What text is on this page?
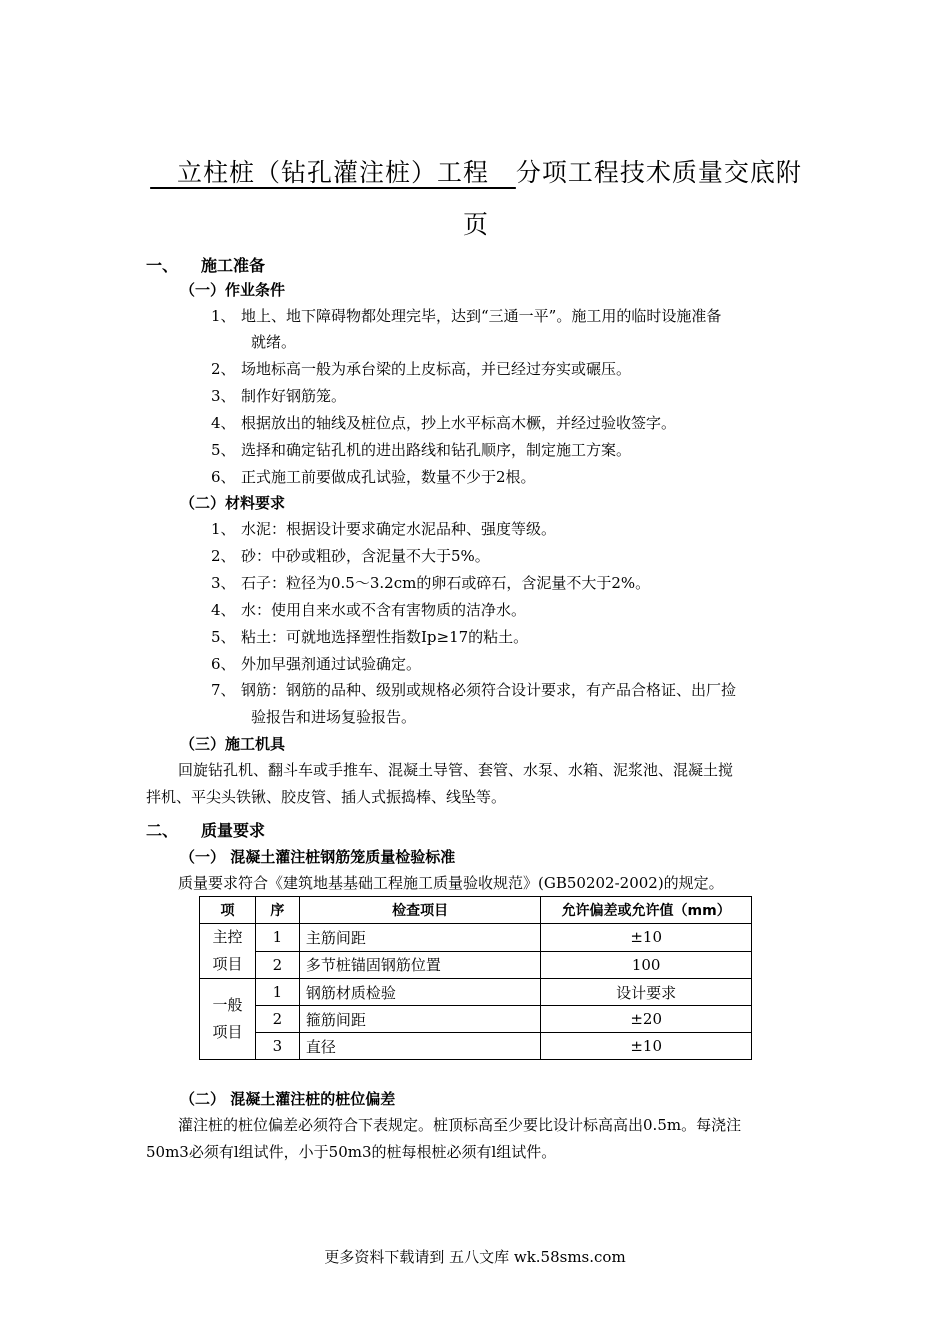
立柱桩（钻孔灌注桩）工程 分项工程技术质量交底附
页
一、 施工准备
（一）作业条件
1、 地上、地下障碍物都处理完毕，达到“三通一平”。施工用的临时设施准备
就绪。
2、 场地标高一般为承台梁的上皮标高，并已经过夯实或碾压。
3、 制作好钢筋笼。
4、 根据放出的轴线及桩位点，抄上水平标高木橛，并经过验收签字。
5、 选择和确定钻孔机的进出路线和钻孔顺序，制定施工方案。
6、 正式施工前要做成孔试验，数量不少于2根。
（二）材料要求
1、 水泥：根据设计要求确定水泥品种、强度等级。
2、 砂：中砂或粗砂，含泥量不大于5%。
3、 石子：粒径为0.5～3.2cm的卵石或碎石，含泥量不大于2%。
4、 水：使用自来水或不含有害物质的洁净水。
5、 粘土：可就地选择塑性指数Ip≥17的粘土。
6、 外加早强剂通过试验确定。
7、 钢筋：钢筋的品种、级别或规格必须符合设计要求，有产品合格证、出厂捡
验报告和进场复验报告。
（三）施工机具
回旋钻孔机、翻斗车或手推车、混凝土导管、套管、水泵、水箱、泥浆池、混凝土搅
拌机、平尖头铁锹、胶皮管、插人式振捣棒、线坠等。
二、 质量要求
（一） 混凝土灌注桩钢筋笼质量检验标准
质量要求符合《建筑地基基础工程施工质量验收规范》(GB50202-2002)的规定。
项	序	检查项目	允许偏差或允许值（mm）

主控
项目	1	主筋间距	±10
	2	多节桩锚固钢筋位置	100

一般
项目	1	钢筋材质检验	设计要求
	2	箍筋间距	±20
	3	直径	±10
（二） 混凝土灌注桩的桩位偏差
灌注桩的桩位偏差必须符合下表规定。桩顶标高至少要比设计标高高出0.5m。每浇注
50m3必须有l组试件，小于50m3的桩每根桩必须有l组试件。
更多资料下载请到 五八文库 wk.58sms.com
